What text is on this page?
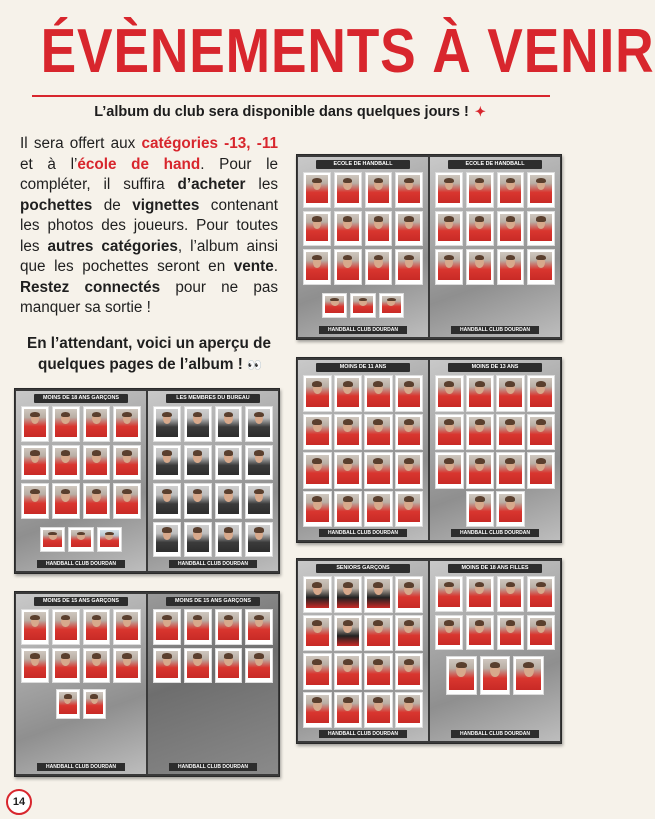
ÉVÈNEMENTS À VENIR
L’album du club sera disponible dans quelques jours ! ✦
Il sera offert aux catégories -13, -11 et à l’école de hand. Pour le compléter, il suffira d’acheter les pochettes de vignettes contenant les photos des joueurs. Pour toutes les autres catégories, l’album ainsi que les pochettes seront en vente. Restez connectés pour ne pas manquer sa sortie !
En l’attendant, voici un aperçu de quelques pages de l’album ! 👀
ECOLE DE HANDBALL
HANDBALL CLUB DOURDAN
ECOLE DE HANDBALL
HANDBALL CLUB DOURDAN
MOINS DE 18 ANS GARÇONS
HANDBALL CLUB DOURDAN
LES MEMBRES DU BUREAU
HANDBALL CLUB DOURDAN
MOINS DE 11 ANS
HANDBALL CLUB DOURDAN
MOINS DE 13 ANS
HANDBALL CLUB DOURDAN
MOINS DE 15 ANS GARÇONS
HANDBALL CLUB DOURDAN
MOINS DE 15 ANS GARÇONS
HANDBALL CLUB DOURDAN
SENIORS GARÇONS
HANDBALL CLUB DOURDAN
MOINS DE 18 ANS FILLES
HANDBALL CLUB DOURDAN
14
